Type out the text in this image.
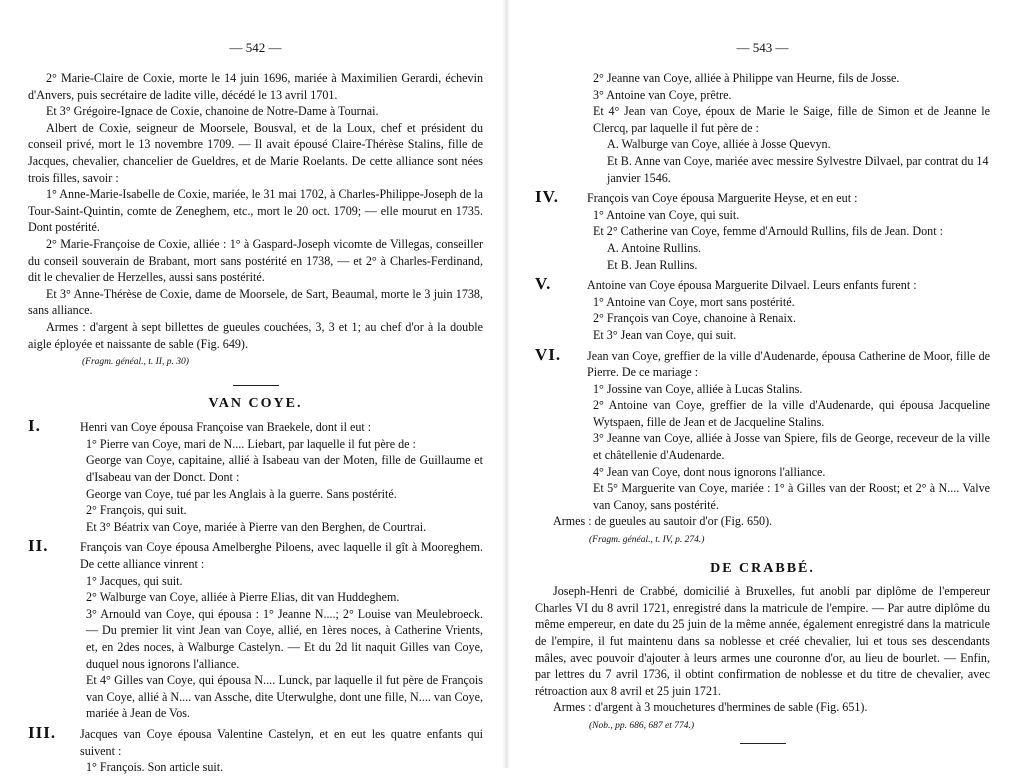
— 542 —

2° Marie-Claire de Coxie, morte le 14 juin 1696, mariée à Maximilien Gerardi, échevin d'Anvers, puis secrétaire de ladite ville, décédé le 13 avril 1701.

Et 3° Grégoire-Ignace de Coxie, chanoine de Notre-Dame à Tournai.

Albert de Coxie, seigneur de Moorsele, Bousval, et de la Loux, chef et président du conseil privé, mort le 13 novembre 1709. — Il avait épousé Claire-Thérèse Stalins, fille de Jacques, chevalier, chancelier de Gueldres, et de Marie Roelants. De cette alliance sont nées trois filles, savoir :

1° Anne-Marie-Isabelle de Coxie, mariée, le 31 mai 1702, à Charles-Philippe-Joseph de la Tour-Saint-Quintin, comte de Zeneghem, etc., mort le 20 oct. 1709; — elle mourut en 1735. Dont postérité.

2° Marie-Françoise de Coxie, alliée : 1° à Gaspard-Joseph vicomte de Villegas, conseiller du conseil souverain de Brabant, mort sans postérité en 1738, — et 2° à Charles-Ferdinand, dit le chevalier de Herzelles, aussi sans postérité.

Et 3° Anne-Thérèse de Coxie, dame de Moorsele, de Sart, Beaumal, morte le 3 juin 1738, sans alliance.

Armes : d'argent à sept billettes de gueules couchées, 3, 3 et 1; au chef d'or à la double aigle éployée et naissante de sable (Fig. 649).

(Fragm. généal., t. II, p. 30)

VAN COYE.

I.	Henri van Coye épousa Françoise van Braekele, dont il eut :

1° Pierre van Coye, mari de N.... Liebart, par laquelle il fut père de :

George van Coye, capitaine, allié à Isabeau van der Moten, fille de Guillaume et d'Isabeau van der Donct. Dont :

George van Coye, tué par les Anglais à la guerre. Sans postérité.

2° François, qui suit.

Et 3° Béatrix van Coye, mariée à Pierre van den Berghen, de Courtrai.

II.	François van Coye épousa Amelberghe Piloens, avec laquelle il gît à Mooreghem. De cette alliance vinrent :

1° Jacques, qui suit.

2° Walburge van Coye, alliée à Pierre Elias, dit van Huddeghem.

3° Arnould van Coye, qui épousa : 1° Jeanne N....; 2° Louise van Meulebroeck. — Du premier lit vint Jean van Coye, allié, en 1ères noces, à Catherine Vrients, et, en 2des noces, à Walburge Castelyn. — Et du 2d lit naquit Gilles van Coye, duquel nous ignorons l'alliance.

Et 4° Gilles van Coye, qui épousa N.... Lunck, par laquelle il fut père de François van Coye, allié à N.... van Assche, dite Uterwulghe, dont une fille, N.... van Coye, mariée à Jean de Vos.

III. Jacques van Coye épousa Valentine Castelyn, et en eut les quatre enfants qui suivent :

1° François. Son article suit.

— 543 —

2° Jeanne van Coye, alliée à Philippe van Heurne, fils de Josse.

3° Antoine van Coye, prêtre.

Et 4° Jean van Coye, époux de Marie le Saige, fille de Simon et de Jeanne le Clercq, par laquelle il fut père de :

A. Walburge van Coye, alliée à Josse Quevyn.

Et B. Anne van Coye, mariée avec messire Sylvestre Dilvael, par contrat du 14 janvier 1546.

IV. François van Coye épousa Marguerite Heyse, et en eut :

1° Antoine van Coye, qui suit.

Et 2° Catherine van Coye, femme d'Arnould Rullins, fils de Jean. Dont :

A. Antoine Rullins.

Et B. Jean Rullins.

V.	Antoine van Coye épousa Marguerite Dilvael. Leurs enfants furent :

1° Antoine van Coye, mort sans postérité.

2° François van Coye, chanoine à Renaix.

Et 3° Jean van Coye, qui suit.

VI. Jean van Coye, greffier de la ville d'Audenarde, épousa Catherine de Moor, fille de Pierre. De ce mariage :

1° Jossine van Coye, alliée à Lucas Stalins.

2° Antoine van Coye, greffier de la ville d'Audenarde, qui épousa Jacqueline Wytspaen, fille de Jean et de Jacqueline Stalins.

3° Jeanne van Coye, alliée à Josse van Spiere, fils de George, receveur de la ville et châtellenie d'Audenarde.

4° Jean van Coye, dont nous ignorons l'alliance.

Et 5° Marguerite van Coye, mariée : 1° à Gilles van der Roost; et 2° à N.... Valve van Canoy, sans postérité.

Armes : de gueules au sautoir d'or (Fig. 650).

(Fragm. généal., t. IV, p. 274.)

DE CRABBÉ.

Joseph-Henri de Crabbé, domicilié à Bruxelles, fut anobli par diplôme de l'empereur Charles VI du 8 avril 1721, enregistré dans la matricule de l'empire. — Par autre diplôme du même empereur, en date du 25 juin de la même année, également enregistré dans la matricule de l'empire, il fut maintenu dans sa noblesse et créé chevalier, lui et tous ses descendants mâles, avec pouvoir d'ajouter à leurs armes une couronne d'or, au lieu de bourlet. — Enfin, par lettres du 7 avril 1736, il obtint confirmation de noblesse et du titre de chevalier, avec rétroaction aux 8 avril et 25 juin 1721.

Armes : d'argent à 3 mouchetures d'hermines de sable (Fig. 651).

(Nob., pp. 686, 687 et 774.)
